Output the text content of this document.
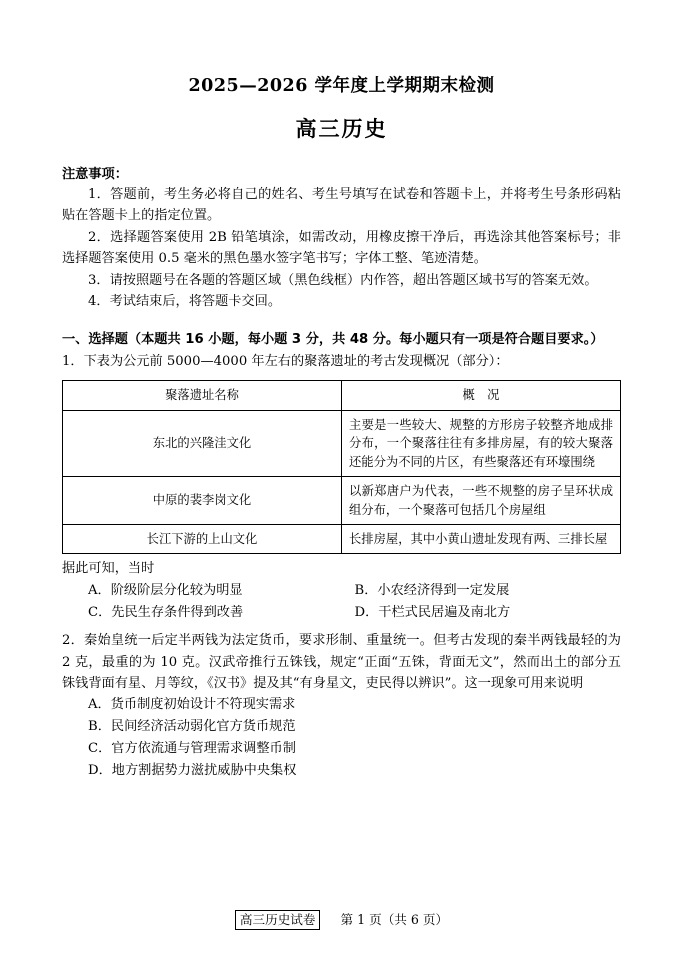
2025—2026 学年度上学期期末检测
高三历史
注意事项：
1．答题前，考生务必将自己的姓名、考生号填写在试卷和答题卡上，并将考生号条形码粘贴在答题卡上的指定位置。
2．选择题答案使用 2B 铅笔填涂，如需改动，用橡皮擦干净后，再选涂其他答案标号；非选择题答案使用 0.5 毫米的黑色墨水签字笔书写；字体工整、笔迹清楚。
3．请按照题号在各题的答题区域（黑色线框）内作答，超出答题区域书写的答案无效。
4．考试结束后，将答题卡交回。
一、选择题（本题共 16 小题，每小题 3 分，共 48 分。每小题只有一项是符合题目要求。）
1．下表为公元前 5000—4000 年左右的聚落遗址的考古发现概况（部分）：
聚落遗址名称	概　况
东北的兴隆洼文化	主要是一些较大、规整的方形房子较整齐地成排分布，一个聚落往往有多排房屋，有的较大聚落还能分为不同的片区，有些聚落还有环壕围绕
中原的裴李岗文化	以新郑唐户为代表，一些不规整的房子呈环状成组分布，一个聚落可包括几个房屋组
长江下游的上山文化	长排房屋，其中小黄山遗址发现有两、三排长屋
据此可知，当时
A．阶级阶层分化较为明显	B．小农经济得到一定发展
C．先民生存条件得到改善	D．干栏式民居遍及南北方
2．秦始皇统一后定半两钱为法定货币，要求形制、重量统一。但考古发现的秦半两钱最轻的为 2 克，最重的为 10 克。汉武帝推行五铢钱，规定“正面“五铢，背面无文”，然而出土的部分五铢钱背面有星、月等纹，《汉书》提及其“有身星文，吏民得以辨识”。这一现象可用来说明
A．货币制度初始设计不符现实需求
B．民间经济活动弱化官方货币规范
C．官方依流通与管理需求调整币制
D．地方割据势力滋扰威胁中央集权
高三历史试卷 第 1 页（共 6 页）
